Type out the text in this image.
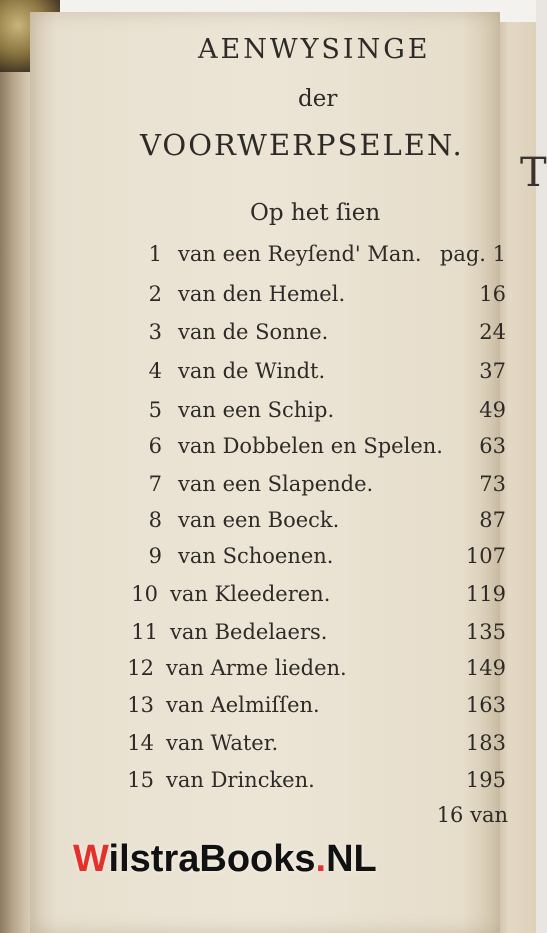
T
AENWYSINGE
der
VOORWERPSELEN.
Op het ſien
1 van een Reyſend' Man. pag. 1
2 van den Hemel.	16
3 van de Sonne.	24
4 van de Windt.	37
5 van een Schip.	49
6 van Dobbelen en Spelen. 63
7 van een Slapende.	73
8 van een Boeck.	87
9 van Schoenen.	107
10 van Kleederen.	119
11 van Bedelaers.	135
12 van Arme lieden.	149
13 van Aelmiſſen.	163
14 van Water.	183
15 van Drincken.	195
16 van
WilstraBooks.NL
